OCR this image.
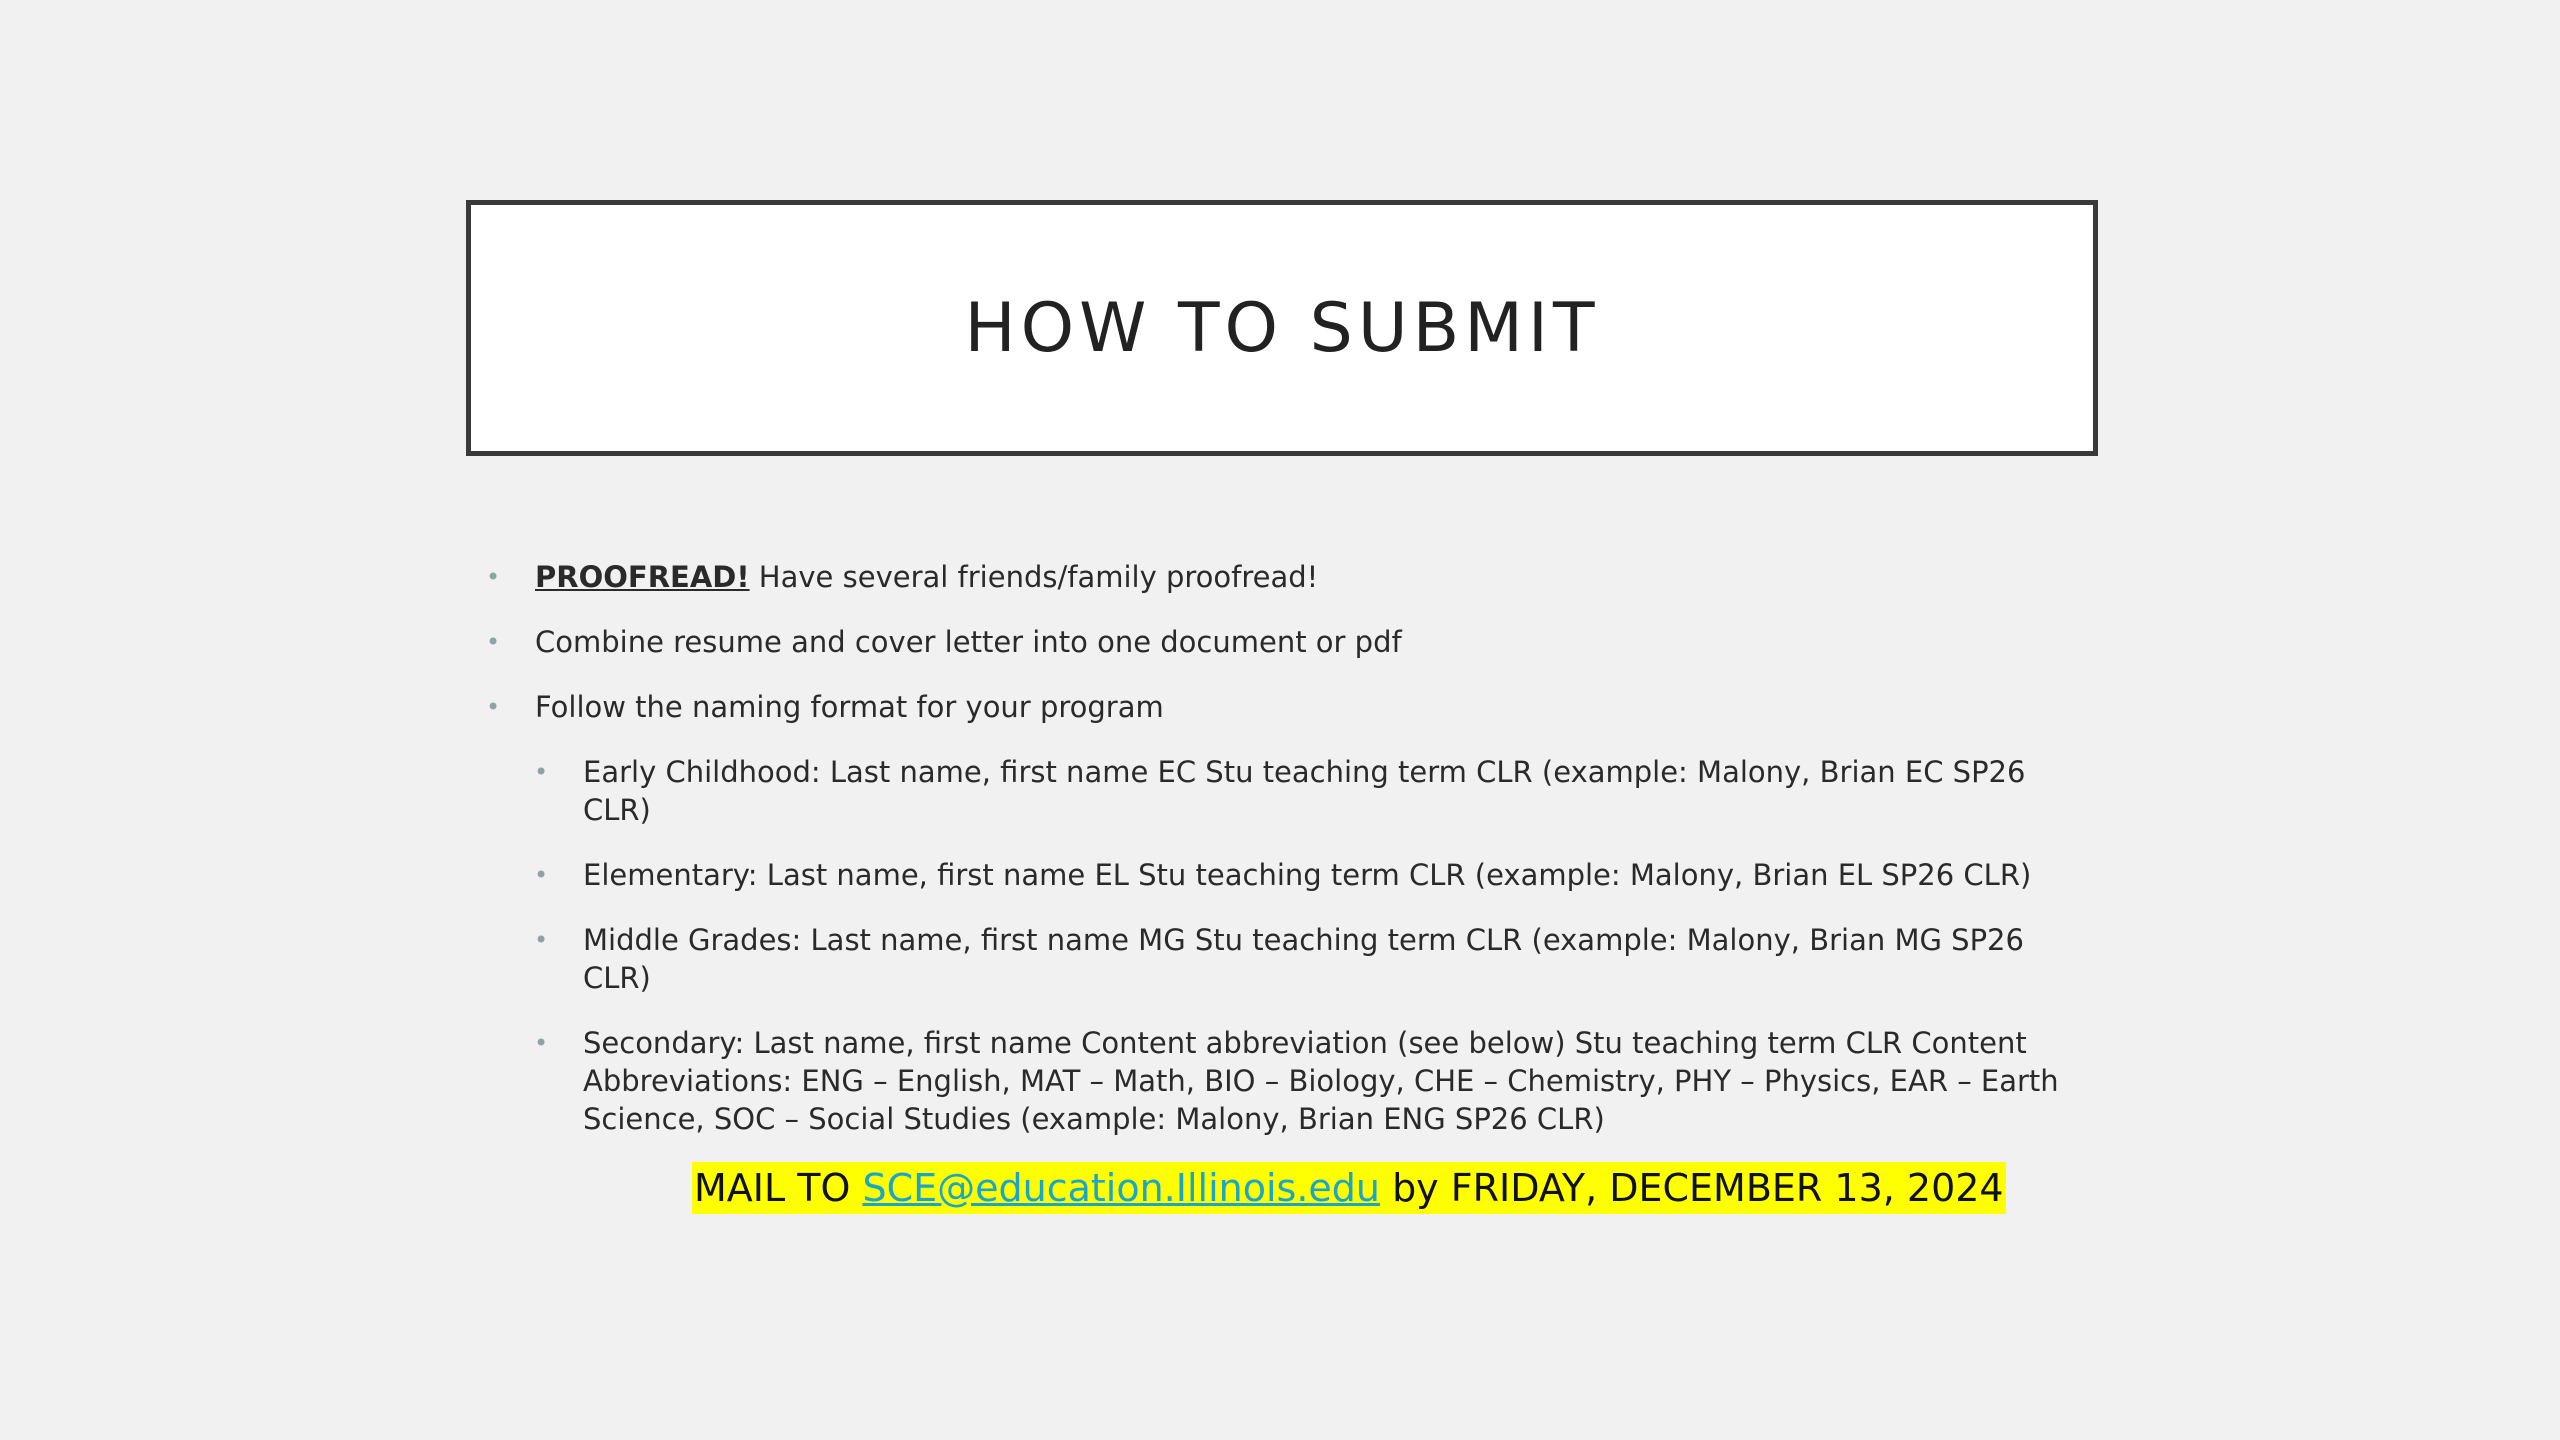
HOW TO SUBMIT

• PROOFREAD! Have several friends/family proofread!

• Combine resume and cover letter into one document or pdf

• Follow the naming format for your program

• Early Childhood: Last name, first name EC Stu teaching term CLR (example: Malony, Brian EC SP26 CLR)

• Elementary: Last name, first name EL Stu teaching term CLR (example: Malony, Brian EL SP26 CLR)

• Middle Grades: Last name, first name MG Stu teaching term CLR (example: Malony, Brian MG SP26 CLR)

• Secondary: Last name, first name Content abbreviation (see below) Stu teaching term CLR Content Abbreviations: ENG – English, MAT – Math, BIO – Biology, CHE – Chemistry, PHY – Physics, EAR – Earth Science, SOC – Social Studies (example: Malony, Brian ENG SP26 CLR)

MAIL TO SCE@education.Illinois.edu by FRIDAY, DECEMBER 13, 2024
